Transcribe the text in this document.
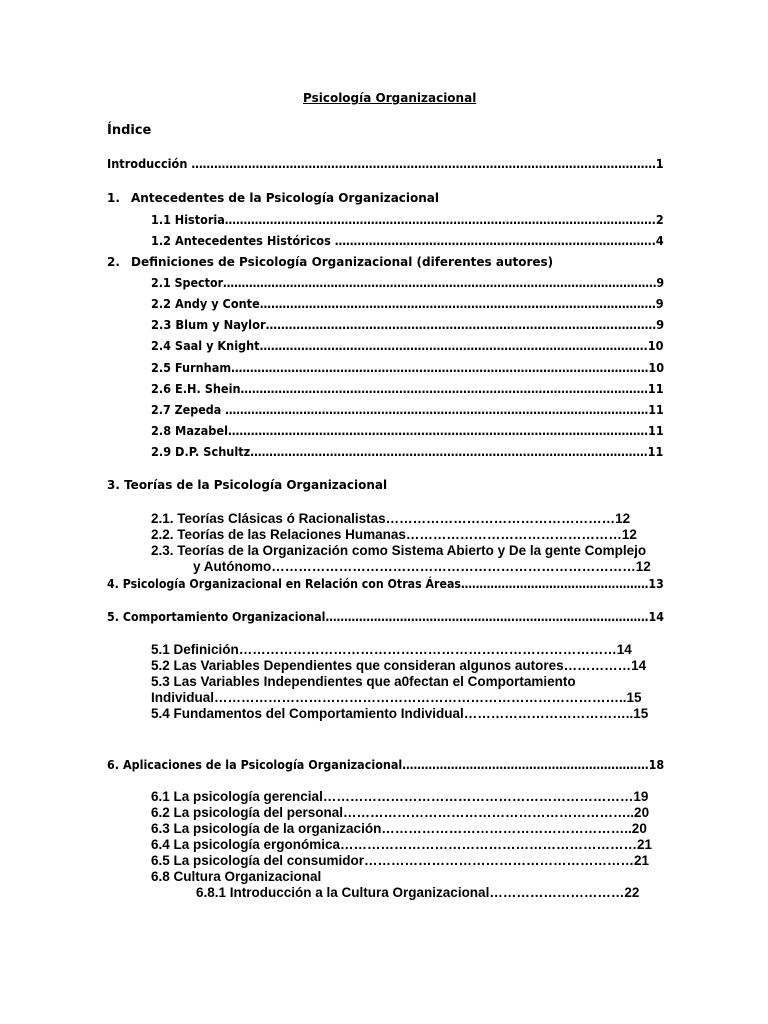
Psicología Organizacional
Índice
Introducción ……………………………………………………………………………………………………………1
1. Antecedentes de la Psicología Organizacional
1.1 Historia…………………………………………………………………………………………………….2
1.2 Antecedentes Históricos ………………………………………………………………………….4
2. Definiciones de Psicología Organizacional (diferentes autores)
2.1 Spector………………………………………………………………………………………………………9
2.2 Andy y Conte……………………………………………………………………………………………9
2.3 Blum y Naylor…………………………………………………………………………………………9
2.4 Saal y Knight………………………………………………………………………………………….10
2.5 Furnham…………………………………………………………………………………………………10
2.6 E.H. Shein………………………………………………………………………………………………11
2.7 Zepeda ……………………………………………………………………………………………………11
2.8 Mazabel…………………………………………………………………………………………………11
2.9 D.P. Schultz……………………………………………………………………………………………11
3. Teorías de la Psicología Organizacional
2.1. Teorías Clásicas ó Racionalistas……………………………………………12
2.2. Teorías de las Relaciones Humanas…………………………………………12
2.3. Teorías de la Organización como Sistema Abierto y De la gente Complejo
y Autónomo………………………………………………………………………12
4. Psicología Organizacional en Relación con Otras Áreas……………………………………………13
5. Comportamiento Organizacional……………………………………………………………………………14
5.1 Definición…………………………………………………………………………14
5.2 Las Variables Dependientes que consideran algunos autores……………14
5.3 Las Variables Independientes que a0fectan el Comportamiento
Individual………………………………………………………………………………..15
5.4 Fundamentos del Comportamiento Individual………………………………..15
6. Aplicaciones de la Psicología Organizacional…………………………………………………………18
6.1 La psicología gerencial……………………………………………………………19
6.2 La psicología del personal………………………………………………………..20
6.3 La psicología de la organización………………………………………………..20
6.4 La psicología ergonómica…………………………………………………………21
6.5 La psicología del consumidor……………………………………………………21
6.8 Cultura Organizacional
6.8.1 Introducción a la Cultura Organizacional…………………………22
